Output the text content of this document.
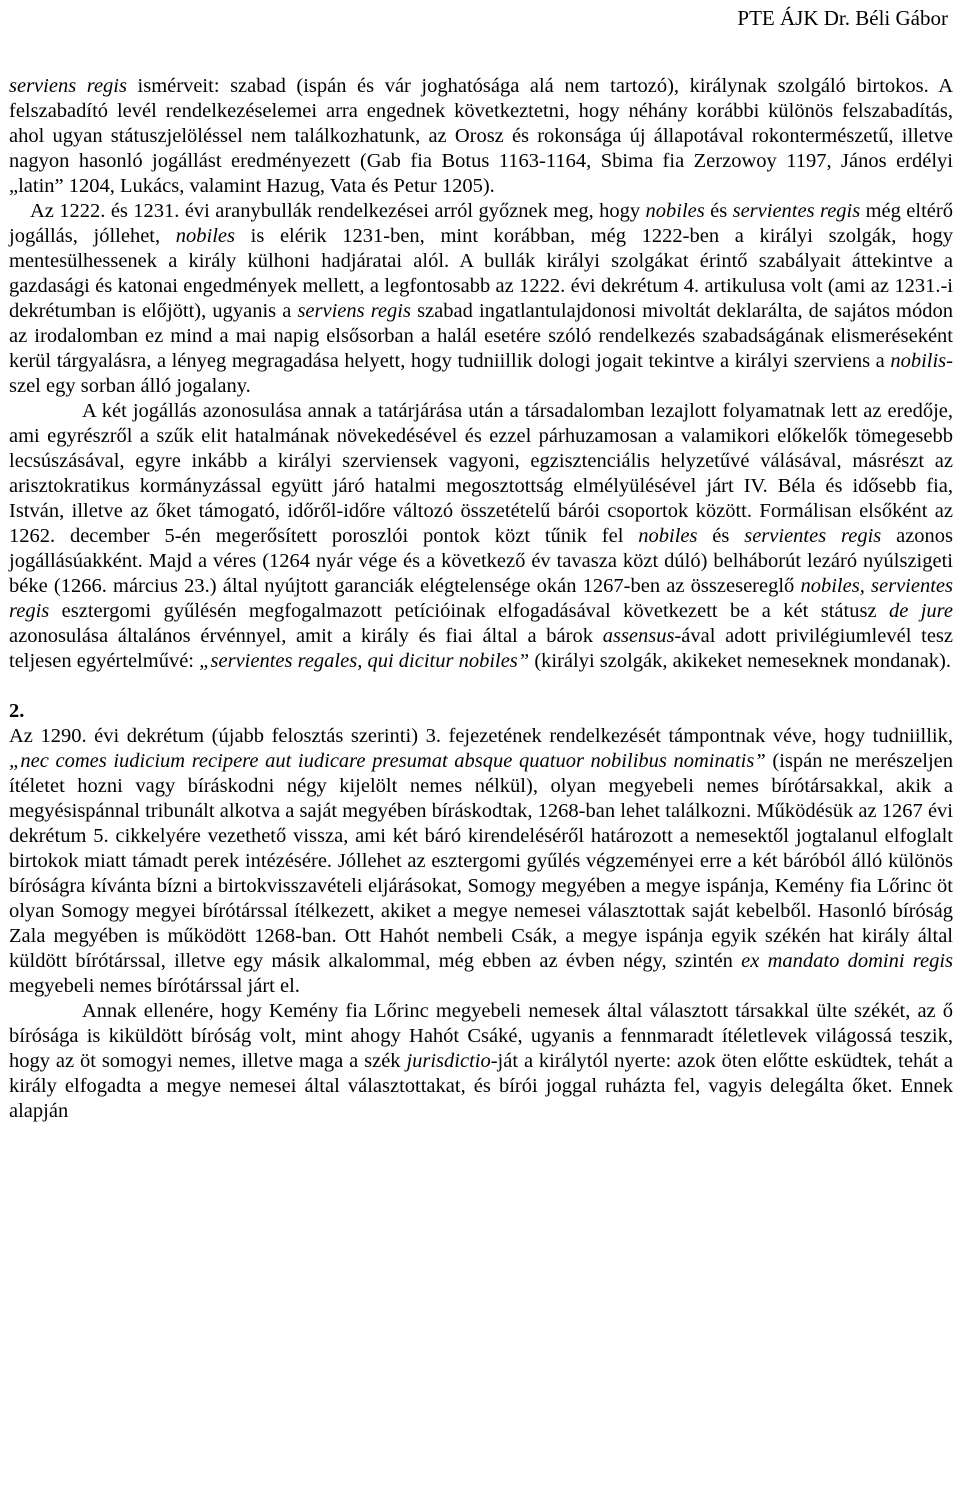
PTE ÁJK Dr. Béli Gábor

serviens regis ismérveit: szabad (ispán és vár joghatósága alá nem tartozó), királynak szolgáló birtokos. A felszabadító levél rendelkezéselemei arra engednek következtetni, hogy néhány korábbi különös felszabadítás, ahol ugyan státuszjelöléssel nem találkozhatunk, az Orosz és rokonsága új állapotával rokontermészetű, illetve nagyon hasonló jogállást eredményezett (Gab fia Botus 1163-1164, Sbima fia Zerzowoy 1197, János erdélyi „latin” 1204, Lukács, valamint Hazug, Vata és Petur 1205).

Az 1222. és 1231. évi aranybullák rendelkezései arról győznek meg, hogy nobiles és servientes regis még eltérő jogállás, jóllehet, nobiles is elérik 1231-ben, mint korábban, még 1222-ben a királyi szolgák, hogy mentesülhessenek a király külhoni hadjáratai alól. A bullák királyi szolgákat érintő szabályait áttekintve a gazdasági és katonai engedmények mellett, a legfontosabb az 1222. évi dekrétum 4. artikulusa volt (ami az 1231.-i dekrétumban is előjött), ugyanis a serviens regis szabad ingatlantulajdonosi mivoltát deklarálta, de sajátos módon az irodalomban ez mind a mai napig elsősorban a halál esetére szóló rendelkezés szabadságának elismeréseként kerül tárgyalásra, a lényeg megragadása helyett, hogy tudniillik dologi jogait tekintve a királyi szerviens a nobilis-szel egy sorban álló jogalany.

A két jogállás azonosulása annak a tatárjárása után a társadalomban lezajlott folyamatnak lett az eredője, ami egyrészről a szűk elit hatalmának növekedésével és ezzel párhuzamosan a valamikori előkelők tömegesebb lecsúszásával, egyre inkább a királyi szerviensek vagyoni, egzisztenciális helyzetűvé válásával, másrészt az arisztokratikus kormányzással együtt járó hatalmi megosztottság elmélyülésével járt IV. Béla és idősebb fia, István, illetve az őket támogató, időről-időre változó összetételű bárói csoportok között. Formálisan elsőként az 1262. december 5-én megerősített poroszlói pontok közt tűnik fel nobiles és servientes regis azonos jogállásúakként. Majd a véres (1264 nyár vége és a következő év tavasza közt dúló) belháborút lezáró nyúlszigeti béke (1266. március 23.) által nyújtott garanciák elégtelensége okán 1267-ben az összesereglő nobiles, servientes regis esztergomi gyűlésén megfogalmazott petícióinak elfogadásával következett be a két státusz de jure azonosulása általános érvénnyel, amit a király és fiai által a bárok assensus-ával adott privilégiumlevél tesz teljesen egyértelművé: „servientes regales, qui dicitur nobiles” (királyi szolgák, akikeket nemeseknek mondanak).

2.

Az 1290. évi dekrétum (újabb felosztás szerinti) 3. fejezetének rendelkezését támpontnak véve, hogy tudniillik, „nec comes iudicium recipere aut iudicare presumat absque quatuor nobilibus nominatis” (ispán ne merészeljen ítéletet hozni vagy bíráskodni négy kijelölt nemes nélkül), olyan megyebeli nemes bírótársakkal, akik a megyésispánnal tribunált alkotva a saját megyében bíráskodtak, 1268-ban lehet találkozni. Működésük az 1267 évi dekrétum 5. cikkelyére vezethető vissza, ami két báró kirendeléséről határozott a nemesektől jogtalanul elfoglalt birtokok miatt támadt perek intézésére. Jóllehet az esztergomi gyűlés végzeményei erre a két báróból álló különös bíróságra kívánta bízni a birtokvisszavételi eljárásokat, Somogy megyében a megye ispánja, Kemény fia Lőrinc öt olyan Somogy megyei bírótárssal ítélkezett, akiket a megye nemesei választottak saját kebelből. Hasonló bíróság Zala megyében is működött 1268-ban. Ott Hahót nembeli Csák, a megye ispánja egyik székén hat király által küldött bírótárssal, illetve egy másik alkalommal, még ebben az évben négy, szintén ex mandato domini regis megyebeli nemes bírótárssal járt el.

Annak ellenére, hogy Kemény fia Lőrinc megyebeli nemesek által választott társakkal ülte székét, az ő bírósága is kiküldött bíróság volt, mint ahogy Hahót Csáké, ugyanis a fennmaradt ítéletlevek világossá teszik, hogy az öt somogyi nemes, illetve maga a szék jurisdictio-ját a királytól nyerte: azok öten előtte esküdtek, tehát a király elfogadta a megye nemesei által választottakat, és bírói joggal ruházta fel, vagyis delegálta őket. Ennek alapján
